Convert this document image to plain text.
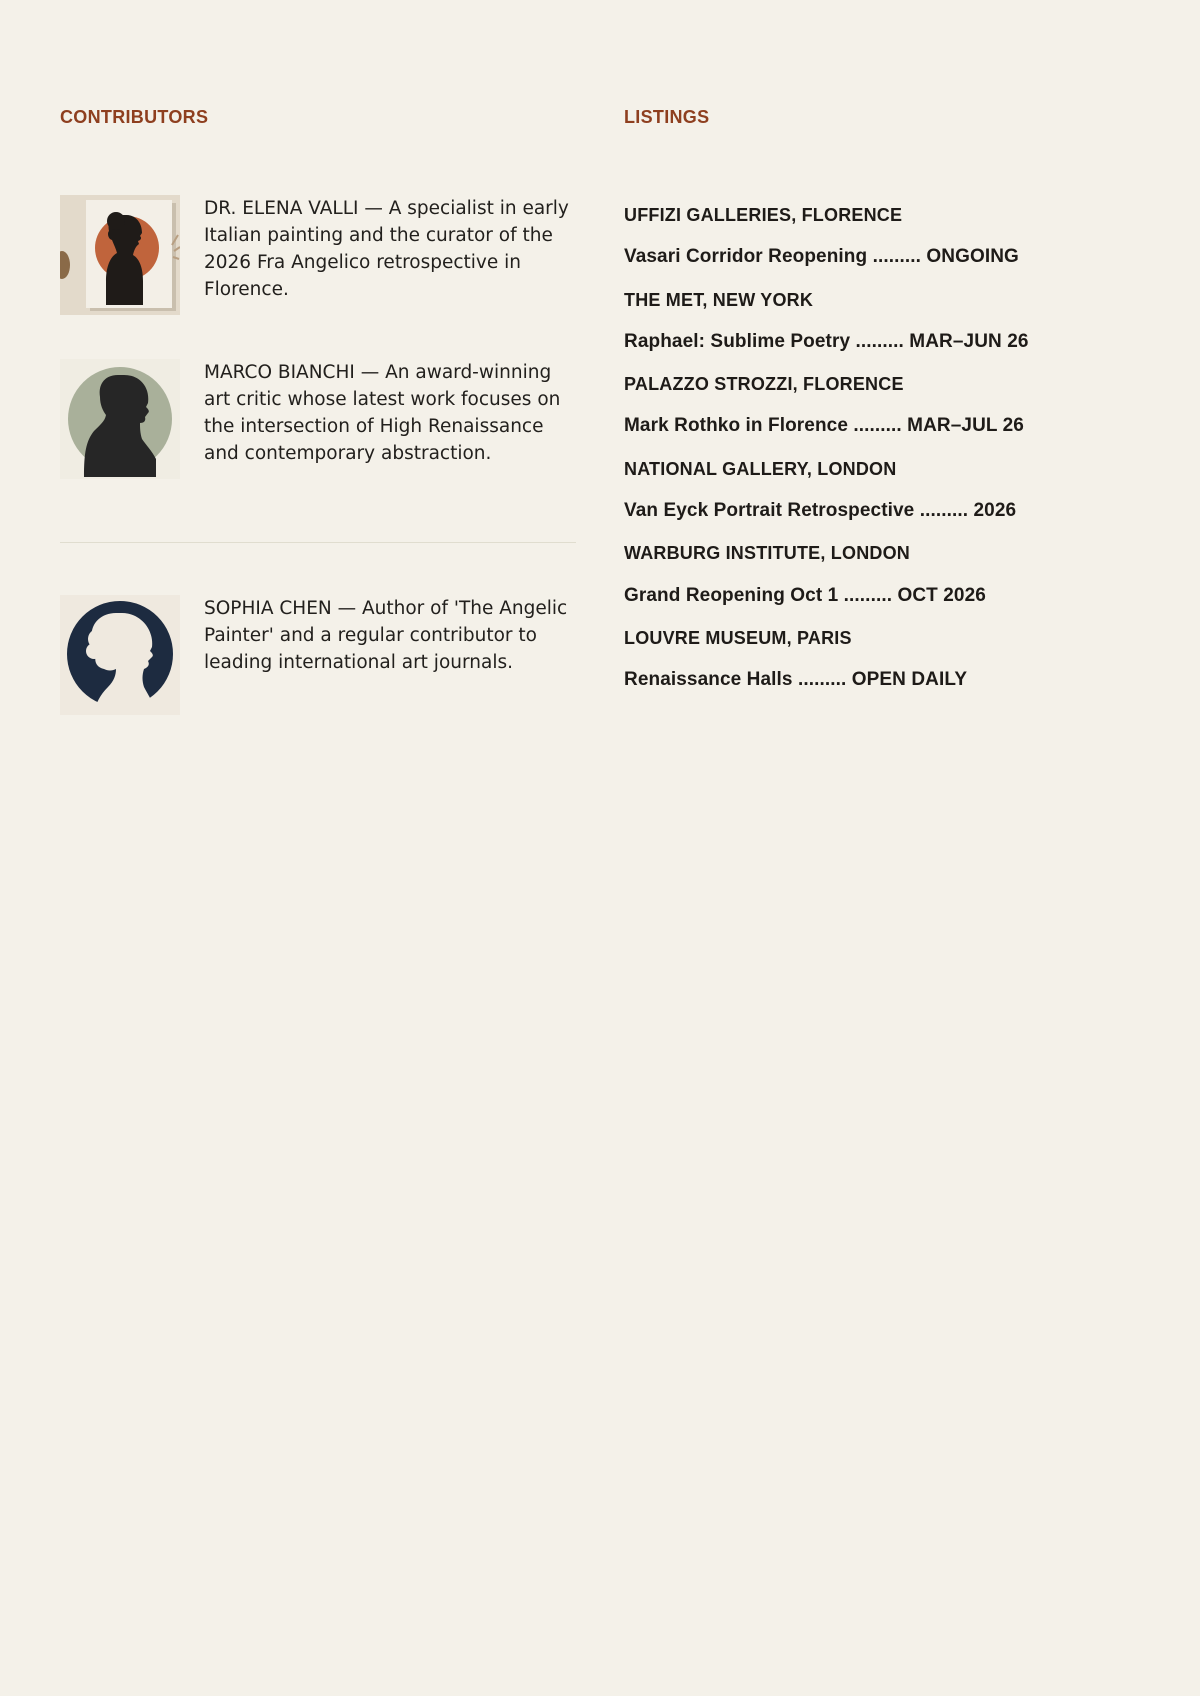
CONTRIBUTORS

DR. ELENA VALLI — A specialist in early Italian painting and the curator of the 2026 Fra Angelico retrospective in Florence.

MARCO BIANCHI — An award-winning art critic whose latest work focuses on the intersection of High Renaissance and contemporary abstraction.

SOPHIA CHEN — Author of 'The Angelic Painter' and a regular contributor to leading international art journals.

LISTINGS
UFFIZI GALLERIES, FLORENCE
Vasari Corridor Reopening ......... ONGOING
THE MET, NEW YORK
Raphael: Sublime Poetry ......... MAR–JUN 26
PALAZZO STROZZI, FLORENCE
Mark Rothko in Florence ......... MAR–JUL 26
NATIONAL GALLERY, LONDON
Van Eyck Portrait Retrospective ......... 2026
WARBURG INSTITUTE, LONDON
Grand Reopening Oct 1 ......... OCT 2026
LOUVRE MUSEUM, PARIS
Renaissance Halls ......... OPEN DAILY
